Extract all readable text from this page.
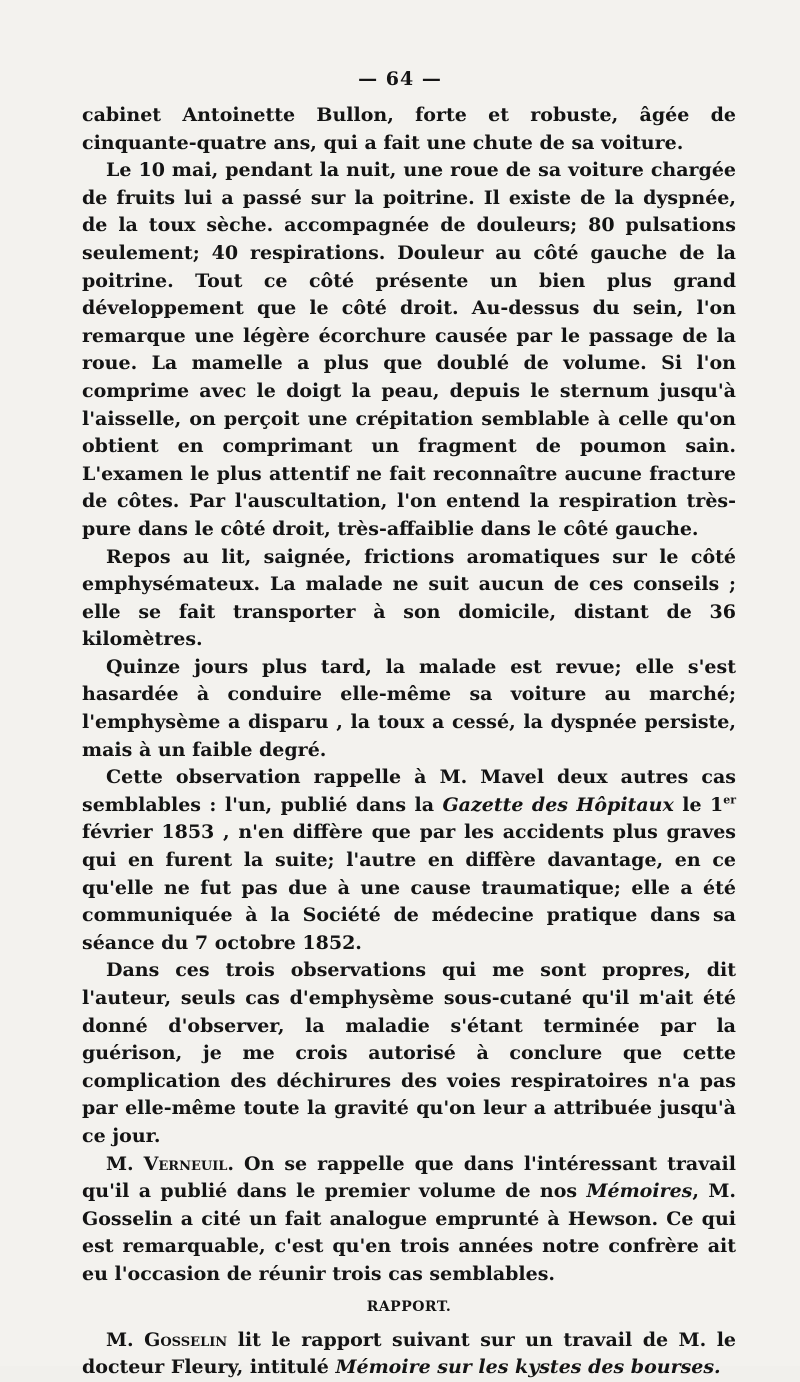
— 64 —

cabinet Antoinette Bullon, forte et robuste, âgée de cinquante-quatre ans, qui a fait une chute de sa voiture.

Le 10 mai, pendant la nuit, une roue de sa voiture chargée de fruits lui a passé sur la poitrine. Il existe de la dyspnée, de la toux sèche. accompagnée de douleurs; 80 pulsations seulement; 40 respirations. Douleur au côté gauche de la poitrine. Tout ce côté présente un bien plus grand développement que le côté droit. Au-dessus du sein, l'on remarque une légère écorchure causée par le passage de la roue. La mamelle a plus que doublé de volume. Si l'on comprime avec le doigt la peau, depuis le sternum jusqu'à l'aisselle, on perçoit une crépitation semblable à celle qu'on obtient en comprimant un fragment de poumon sain. L'examen le plus attentif ne fait reconnaître aucune fracture de côtes. Par l'auscultation, l'on entend la respiration très-pure dans le côté droit, très-affaiblie dans le côté gauche.

Repos au lit, saignée, frictions aromatiques sur le côté emphysémateux. La malade ne suit aucun de ces conseils ; elle se fait transporter à son domicile, distant de 36 kilomètres.

Quinze jours plus tard, la malade est revue; elle s'est hasardée à conduire elle-même sa voiture au marché; l'emphysème a disparu , la toux a cessé, la dyspnée persiste, mais à un faible degré.

Cette observation rappelle à M. Mavel deux autres cas semblables : l'un, publié dans la Gazette des Hôpitaux le 1er février 1853 , n'en diffère que par les accidents plus graves qui en furent la suite; l'autre en diffère davantage, en ce qu'elle ne fut pas due à une cause traumatique; elle a été communiquée à la Société de médecine pratique dans sa séance du 7 octobre 1852.

Dans ces trois observations qui me sont propres, dit l'auteur, seuls cas d'emphysème sous-cutané qu'il m'ait été donné d'observer, la maladie s'étant terminée par la guérison, je me crois autorisé à conclure que cette complication des déchirures des voies respiratoires n'a pas par elle-même toute la gravité qu'on leur a attribuée jusqu'à ce jour.

M. Verneuil. On se rappelle que dans l'intéressant travail qu'il a publié dans le premier volume de nos Mémoires, M. Gosselin a cité un fait analogue emprunté à Hewson. Ce qui est remarquable, c'est qu'en trois années notre confrère ait eu l'occasion de réunir trois cas semblables.

RAPPORT.

M. Gosselin lit le rapport suivant sur un travail de M. le docteur Fleury, intitulé Mémoire sur les kystes des bourses.
